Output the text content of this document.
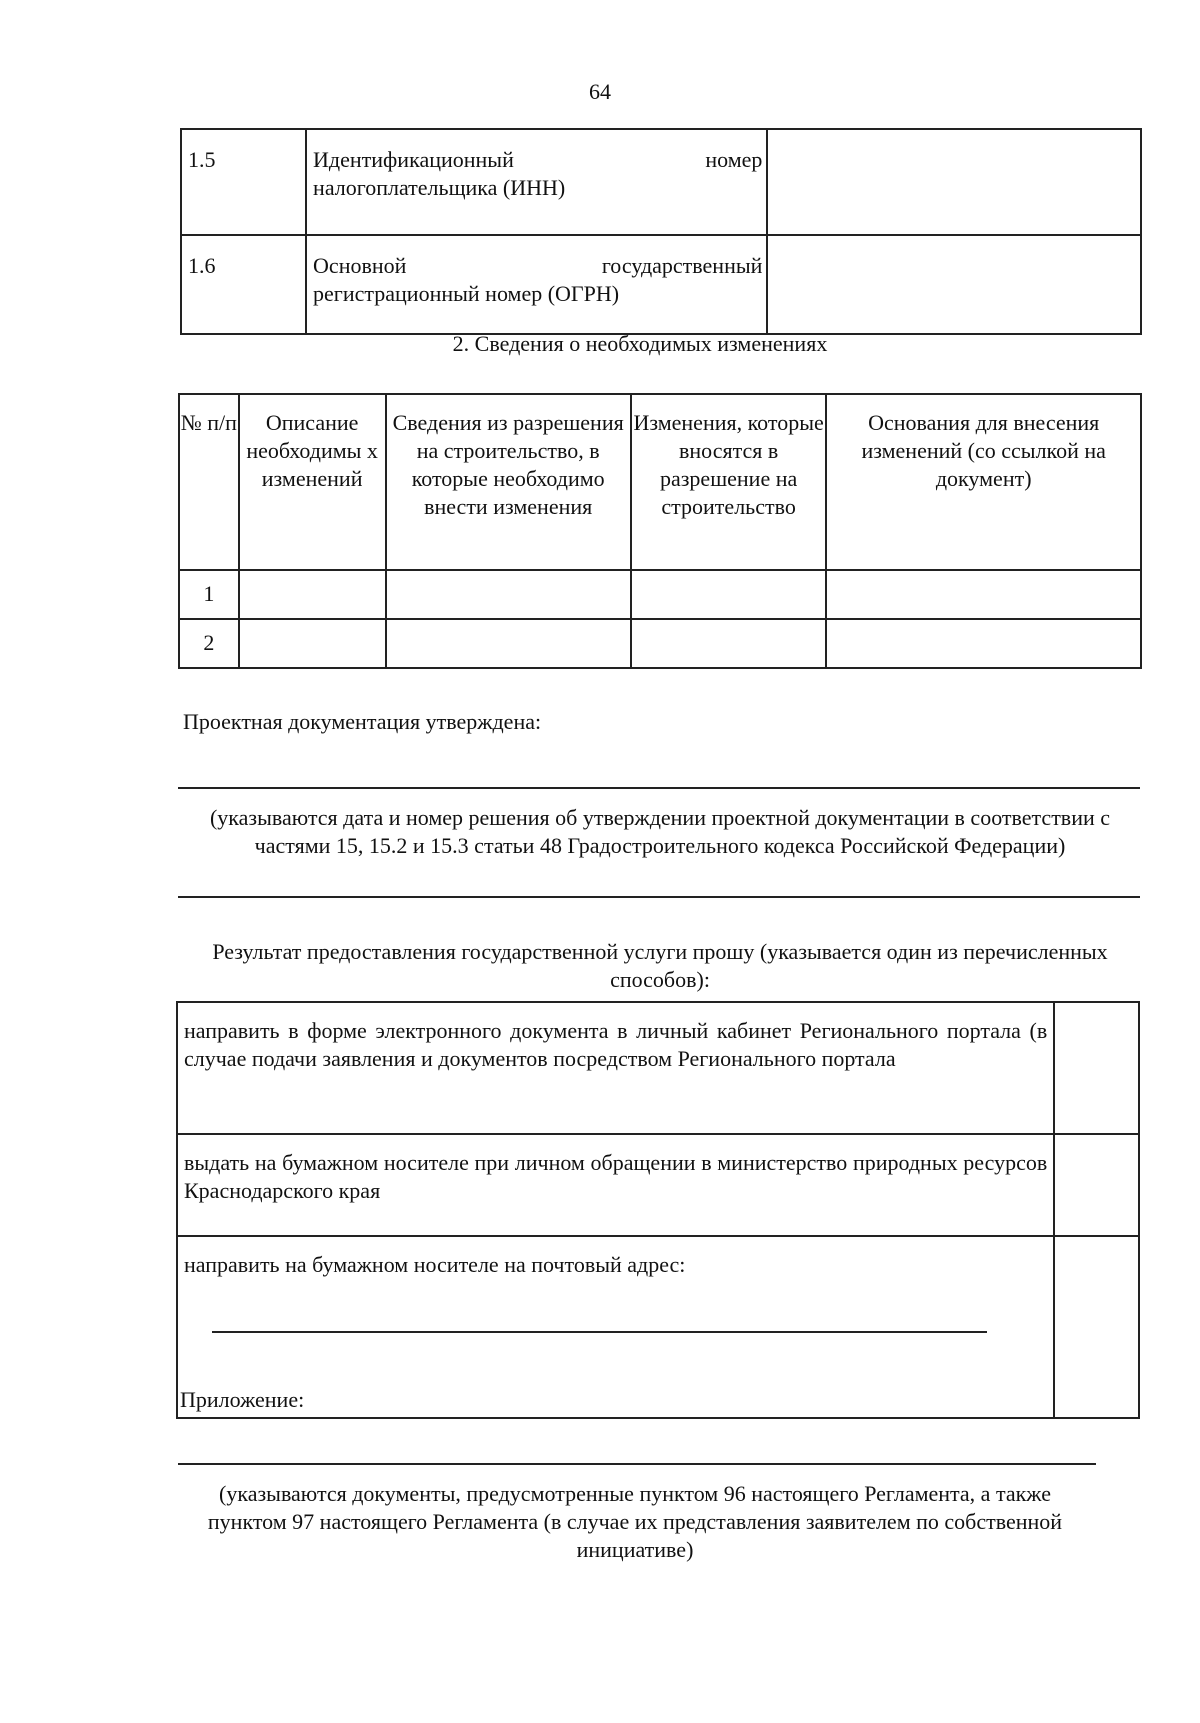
64
1.5	Идентификационный номер
налогоплательщика (ИНН)	
1.6	Основной государственный
регистрационный номер (ОГРН)	
2. Сведения о необходимых изменениях
№ п/п	Описание необходимы х изменений	Сведения из разрешения на строительство, в которые необходимо внести изменения	Изменения, которые вносятся в разрешение на строительство	Основания для внесения изменений (со ссылкой на документ)
1				
2				
Проектная документация утверждена:
(указываются дата и номер решения об утверждении проектной документации в соответствии с частями 15, 15.2 и 15.3 статьи 48 Градостроительного кодекса Российской Федерации)
Результат предоставления государственной услуги прошу (указывается один из перечисленных способов):
направить в форме электронного документа в личный кабинет Регионального портала (в случае подачи заявления и документов посредством Регионального портала	
выдать на бумажном носителе при личном обращении в министерство природных ресурсов Краснодарского края	
направить на бумажном носителе на почтовый адрес:

Приложение:
(указываются документы, предусмотренные пунктом 96 настоящего Регламента, а также пунктом 97 настоящего Регламента (в случае их представления заявителем по собственной инициативе)
